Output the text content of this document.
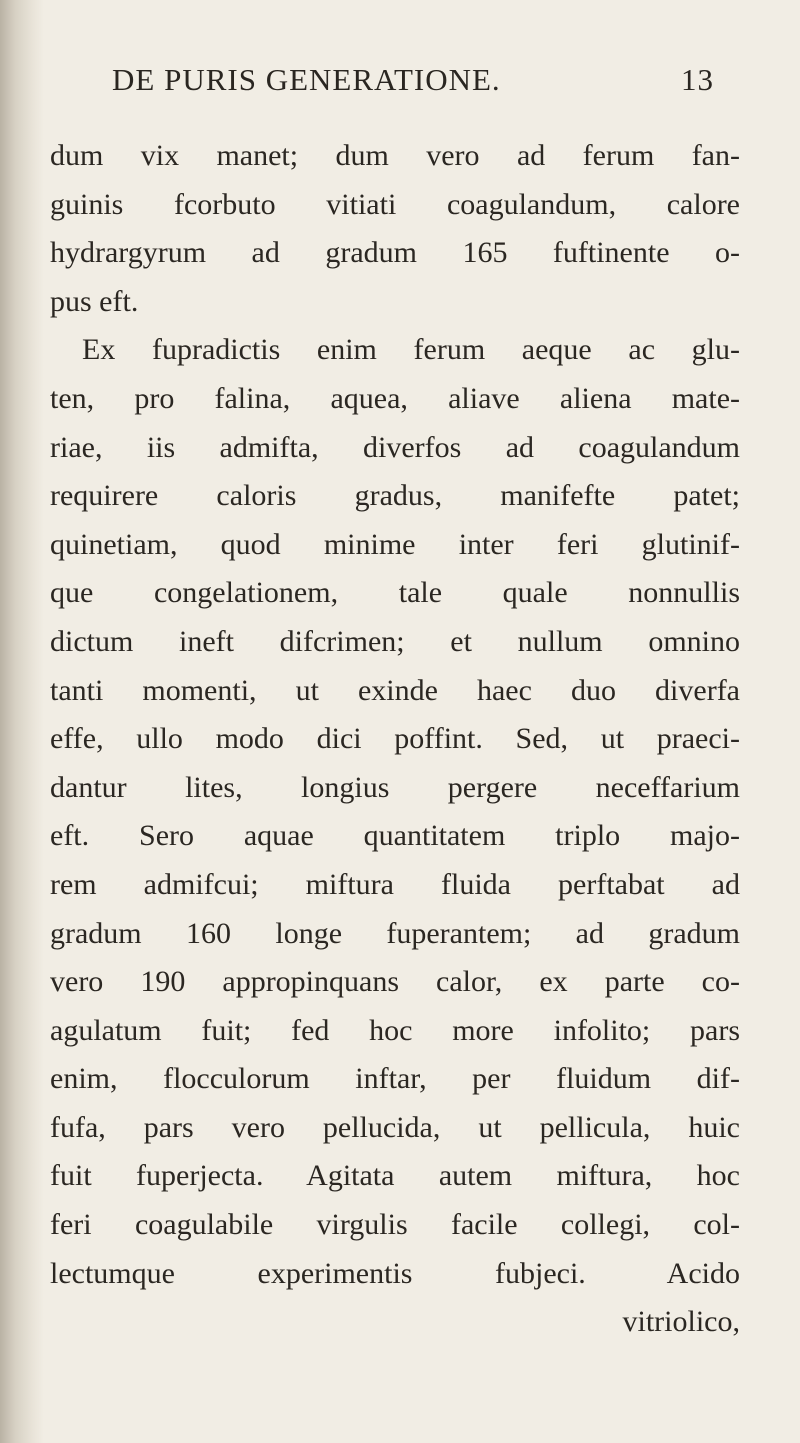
DE PURIS GENERATIONE.	13
dum vix manet; dum vero ad ferum fan-
guinis fcorbuto vitiati coagulandum, calore
hydrargyrum ad gradum 165 fuftinente o-
pus eft.
Ex fupradictis enim ferum aeque ac glu-
ten, pro falina, aquea, aliave aliena mate-
riae, iis admifta, diverfos ad coagulandum
requirere caloris gradus, manifefte patet;
quinetiam, quod minime inter feri glutinif-
que congelationem, tale quale nonnullis
dictum ineft difcrimen; et nullum omnino
tanti momenti, ut exinde haec duo diverfa
effe, ullo modo dici poffint. Sed, ut praeci-
dantur lites, longius pergere neceffarium
eft. Sero aquae quantitatem triplo majo-
rem admifcui; miftura fluida perftabat ad
gradum 160 longe fuperantem; ad gradum
vero 190 appropinquans calor, ex parte co-
agulatum fuit; fed hoc more infolito; pars
enim, flocculorum inftar, per fluidum dif-
fufa, pars vero pellucida, ut pellicula, huic
fuit fuperjecta. Agitata autem miftura, hoc
feri coagulabile virgulis facile collegi, col-
lectumque experimentis fubjeci. Acido
vitriolico,
